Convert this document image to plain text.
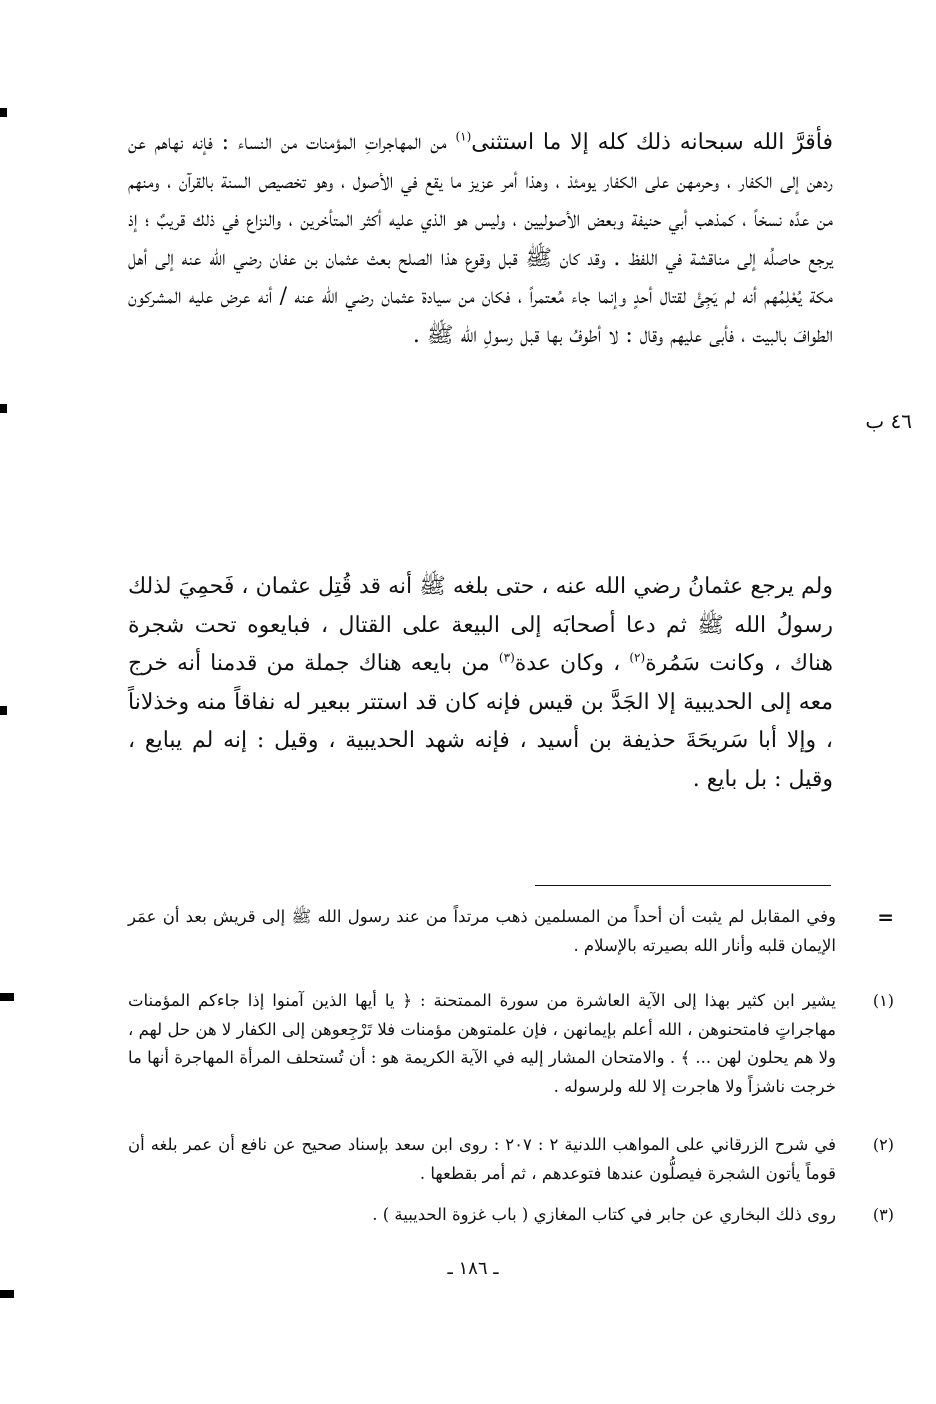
فأقرَّ الله سبحانه ذلك كله إلا ما استثنى$^{(١)}$ من المهاجراتِ المؤمنات من النساء : فإنه نهاهم عن ردهن إلى الكفار ، وحرمهن على الكفار يومئذ ، وهذا أمر عزيز ما يقع في الأصول ، وهو تخصيص السنة بالقرآن ، ومنهم من عدَّه نسخاً ، كمذهب أبي حنيفة وبعض الأصوليين ، وليس هو الذي عليه أكثر المتأخرين ، والنزاع في ذلك قريبٌ ؛ إذ يرجع حاصلُه إلى مناقشة في اللفظ . وقد كان ﷺ قبل وقوع هذا الصلح بعث عثمان بن عفان رضي الله عنه إلى أهل مكة يُعْلِمُهم أنه لم يَجِئْ لقتال أحدٍ وإنما جاء مُعتمراً ، فكان من سيادة عثمان رضي الله عنه / أنه عرض عليه المشركون الطوافَ بالبيت ، فأبى عليهم وقال : لا أطوفُ بها قبل رسولِ الله ﷺ .

٤٦ ب

ولم يرجع عثمانُ رضي الله عنه ، حتى بلغه ﷺ أنه قد قُتِل عثمان ، فَحمِيَ لذلك رسولُ الله ﷺ ثم دعا أصحابَه إلى البيعة على القتال ، فبايعوه تحت شجرة هناك ، وكانت سَمُرة$^{(٢)}$ ، وكان عدة$^{(٣)}$ من بايعه هناك جملة من قدمنا أنه خرج معه إلى الحديبية إلا الجَدَّ بن قيس فإنه كان قد استتر ببعير له نفاقاً منه وخذلاناً ، وإلا أبا سَريحَةَ حذيفة بن أسيد ، فإنه شهد الحديبية ، وقيل : إنه لم يبايع ، وقيل : بل بايع .

=
وفي المقابل لم يثبت أن أحداً من المسلمين ذهب مرتداً من عند رسول الله ﷺ إلى قريش بعد أن عمَر الإيمان قلبه وأنار الله بصيرته بالإسلام .
(١)
يشير ابن كثير بهذا إلى الآية العاشرة من سورة الممتحنة : ﴿ يا أيها الذين آمنوا إذا جاءكم المؤمنات مهاجراتٍ فامتحنوهن ، الله أعلم بإيمانهن ، فإن علمتوهن مؤمنات فلا تَرْجِعوهن إلى الكفار لا هن حل لهم ، ولا هم يحلون لهن ... ﴾ . والامتحان المشار إليه في الآية الكريمة هو : أن تُستحلف المرأة المهاجرة أنها ما خرجت ناشزاً ولا هاجرت إلا لله ولرسوله .
(٢)
في شرح الزرقاني على المواهب اللدنية ٢ : ٢٠٧ : روى ابن سعد بإسناد صحيح عن نافع أن عمر بلغه أن قوماً يأتون الشجرة فيصلُّون عندها فتوعدهم ، ثم أمر بقطعها .
(٣)
روى ذلك البخاري عن جابر في كتاب المغازي ( باب غزوة الحديبية ) .
ـ ١٨٦ ـ
